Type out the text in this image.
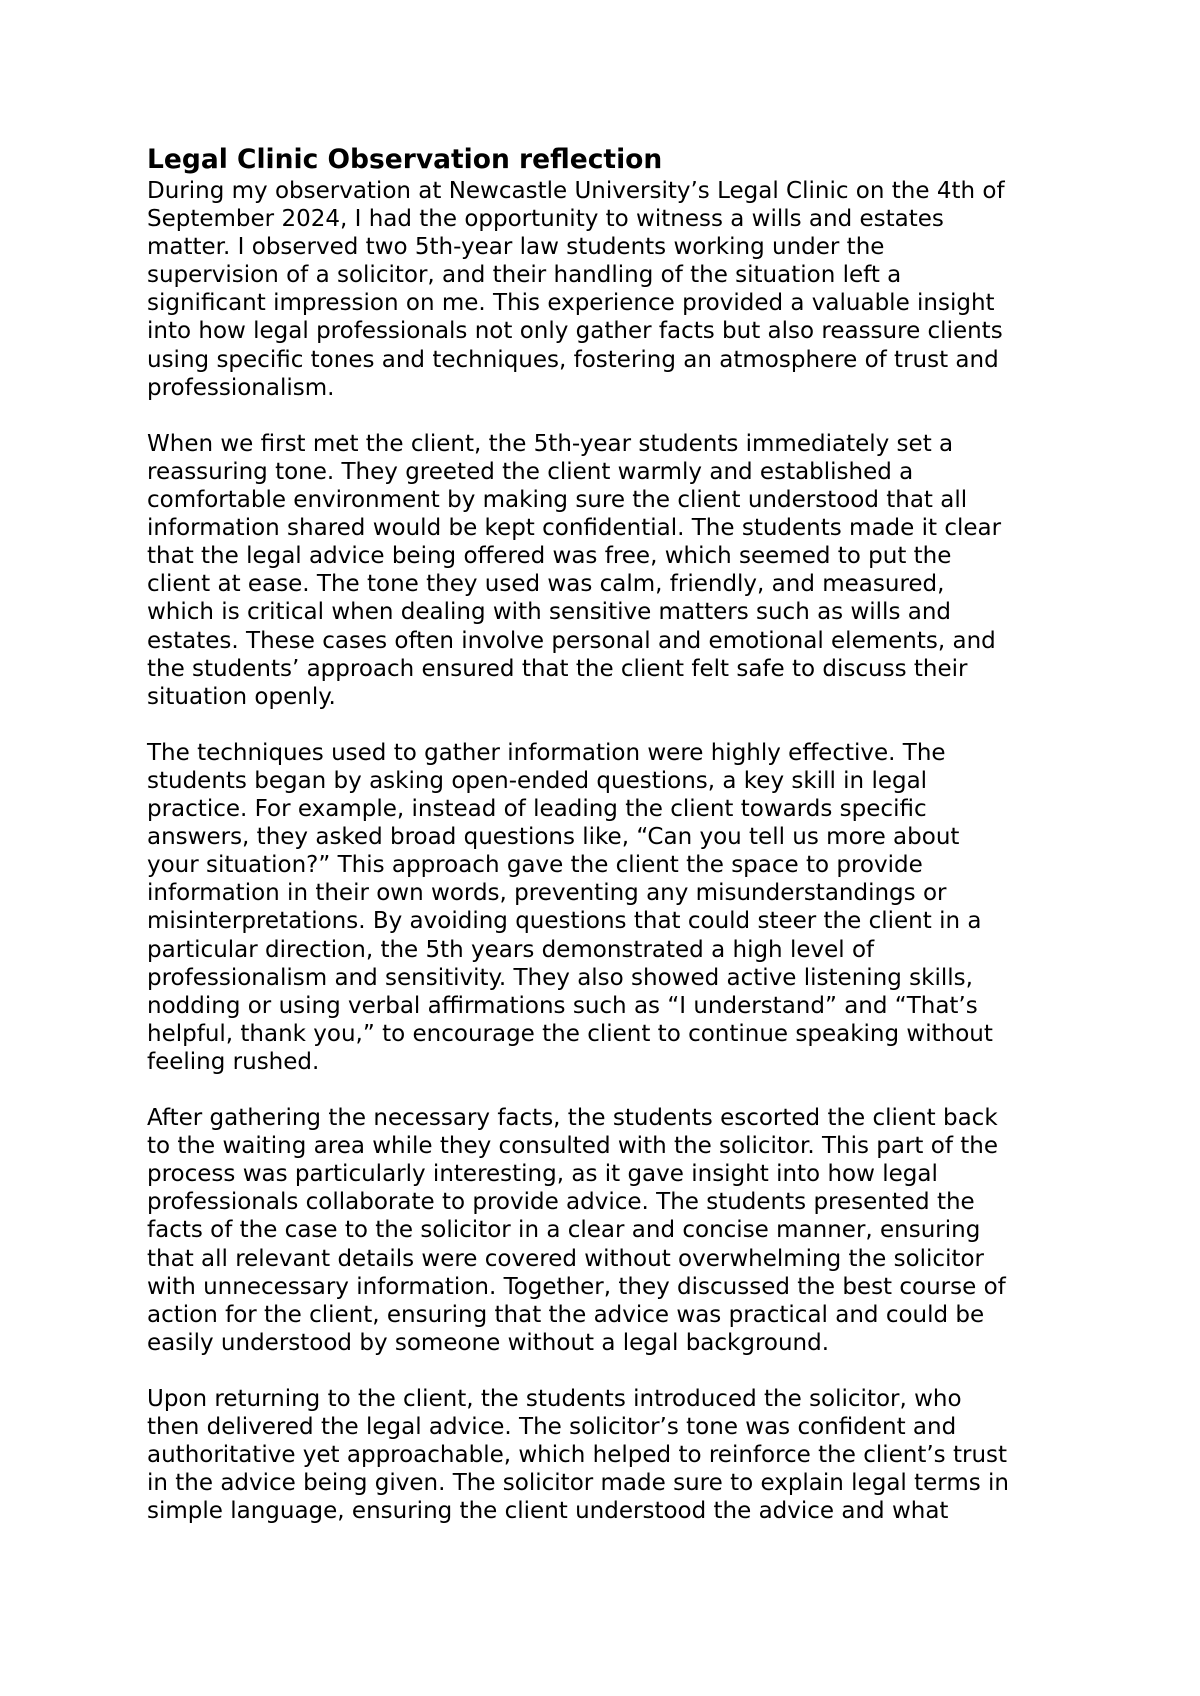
Legal Clinic Observation reflection

During my observation at Newcastle University’s Legal Clinic on the 4th of
September 2024, I had the opportunity to witness a wills and estates
matter. I observed two 5th-year law students working under the
supervision of a solicitor, and their handling of the situation left a
significant impression on me. This experience provided a valuable insight
into how legal professionals not only gather facts but also reassure clients
using specific tones and techniques, fostering an atmosphere of trust and
professionalism.

When we first met the client, the 5th-year students immediately set a
reassuring tone. They greeted the client warmly and established a
comfortable environment by making sure the client understood that all
information shared would be kept confidential. The students made it clear
that the legal advice being offered was free, which seemed to put the
client at ease. The tone they used was calm, friendly, and measured,
which is critical when dealing with sensitive matters such as wills and
estates. These cases often involve personal and emotional elements, and
the students’ approach ensured that the client felt safe to discuss their
situation openly.

The techniques used to gather information were highly effective. The
students began by asking open-ended questions, a key skill in legal
practice. For example, instead of leading the client towards specific
answers, they asked broad questions like, “Can you tell us more about
your situation?” This approach gave the client the space to provide
information in their own words, preventing any misunderstandings or
misinterpretations. By avoiding questions that could steer the client in a
particular direction, the 5th years demonstrated a high level of
professionalism and sensitivity. They also showed active listening skills,
nodding or using verbal affirmations such as “I understand” and “That’s
helpful, thank you,” to encourage the client to continue speaking without
feeling rushed.

After gathering the necessary facts, the students escorted the client back
to the waiting area while they consulted with the solicitor. This part of the
process was particularly interesting, as it gave insight into how legal
professionals collaborate to provide advice. The students presented the
facts of the case to the solicitor in a clear and concise manner, ensuring
that all relevant details were covered without overwhelming the solicitor
with unnecessary information. Together, they discussed the best course of
action for the client, ensuring that the advice was practical and could be
easily understood by someone without a legal background.

Upon returning to the client, the students introduced the solicitor, who
then delivered the legal advice. The solicitor’s tone was confident and
authoritative yet approachable, which helped to reinforce the client’s trust
in the advice being given. The solicitor made sure to explain legal terms in
simple language, ensuring the client understood the advice and what
